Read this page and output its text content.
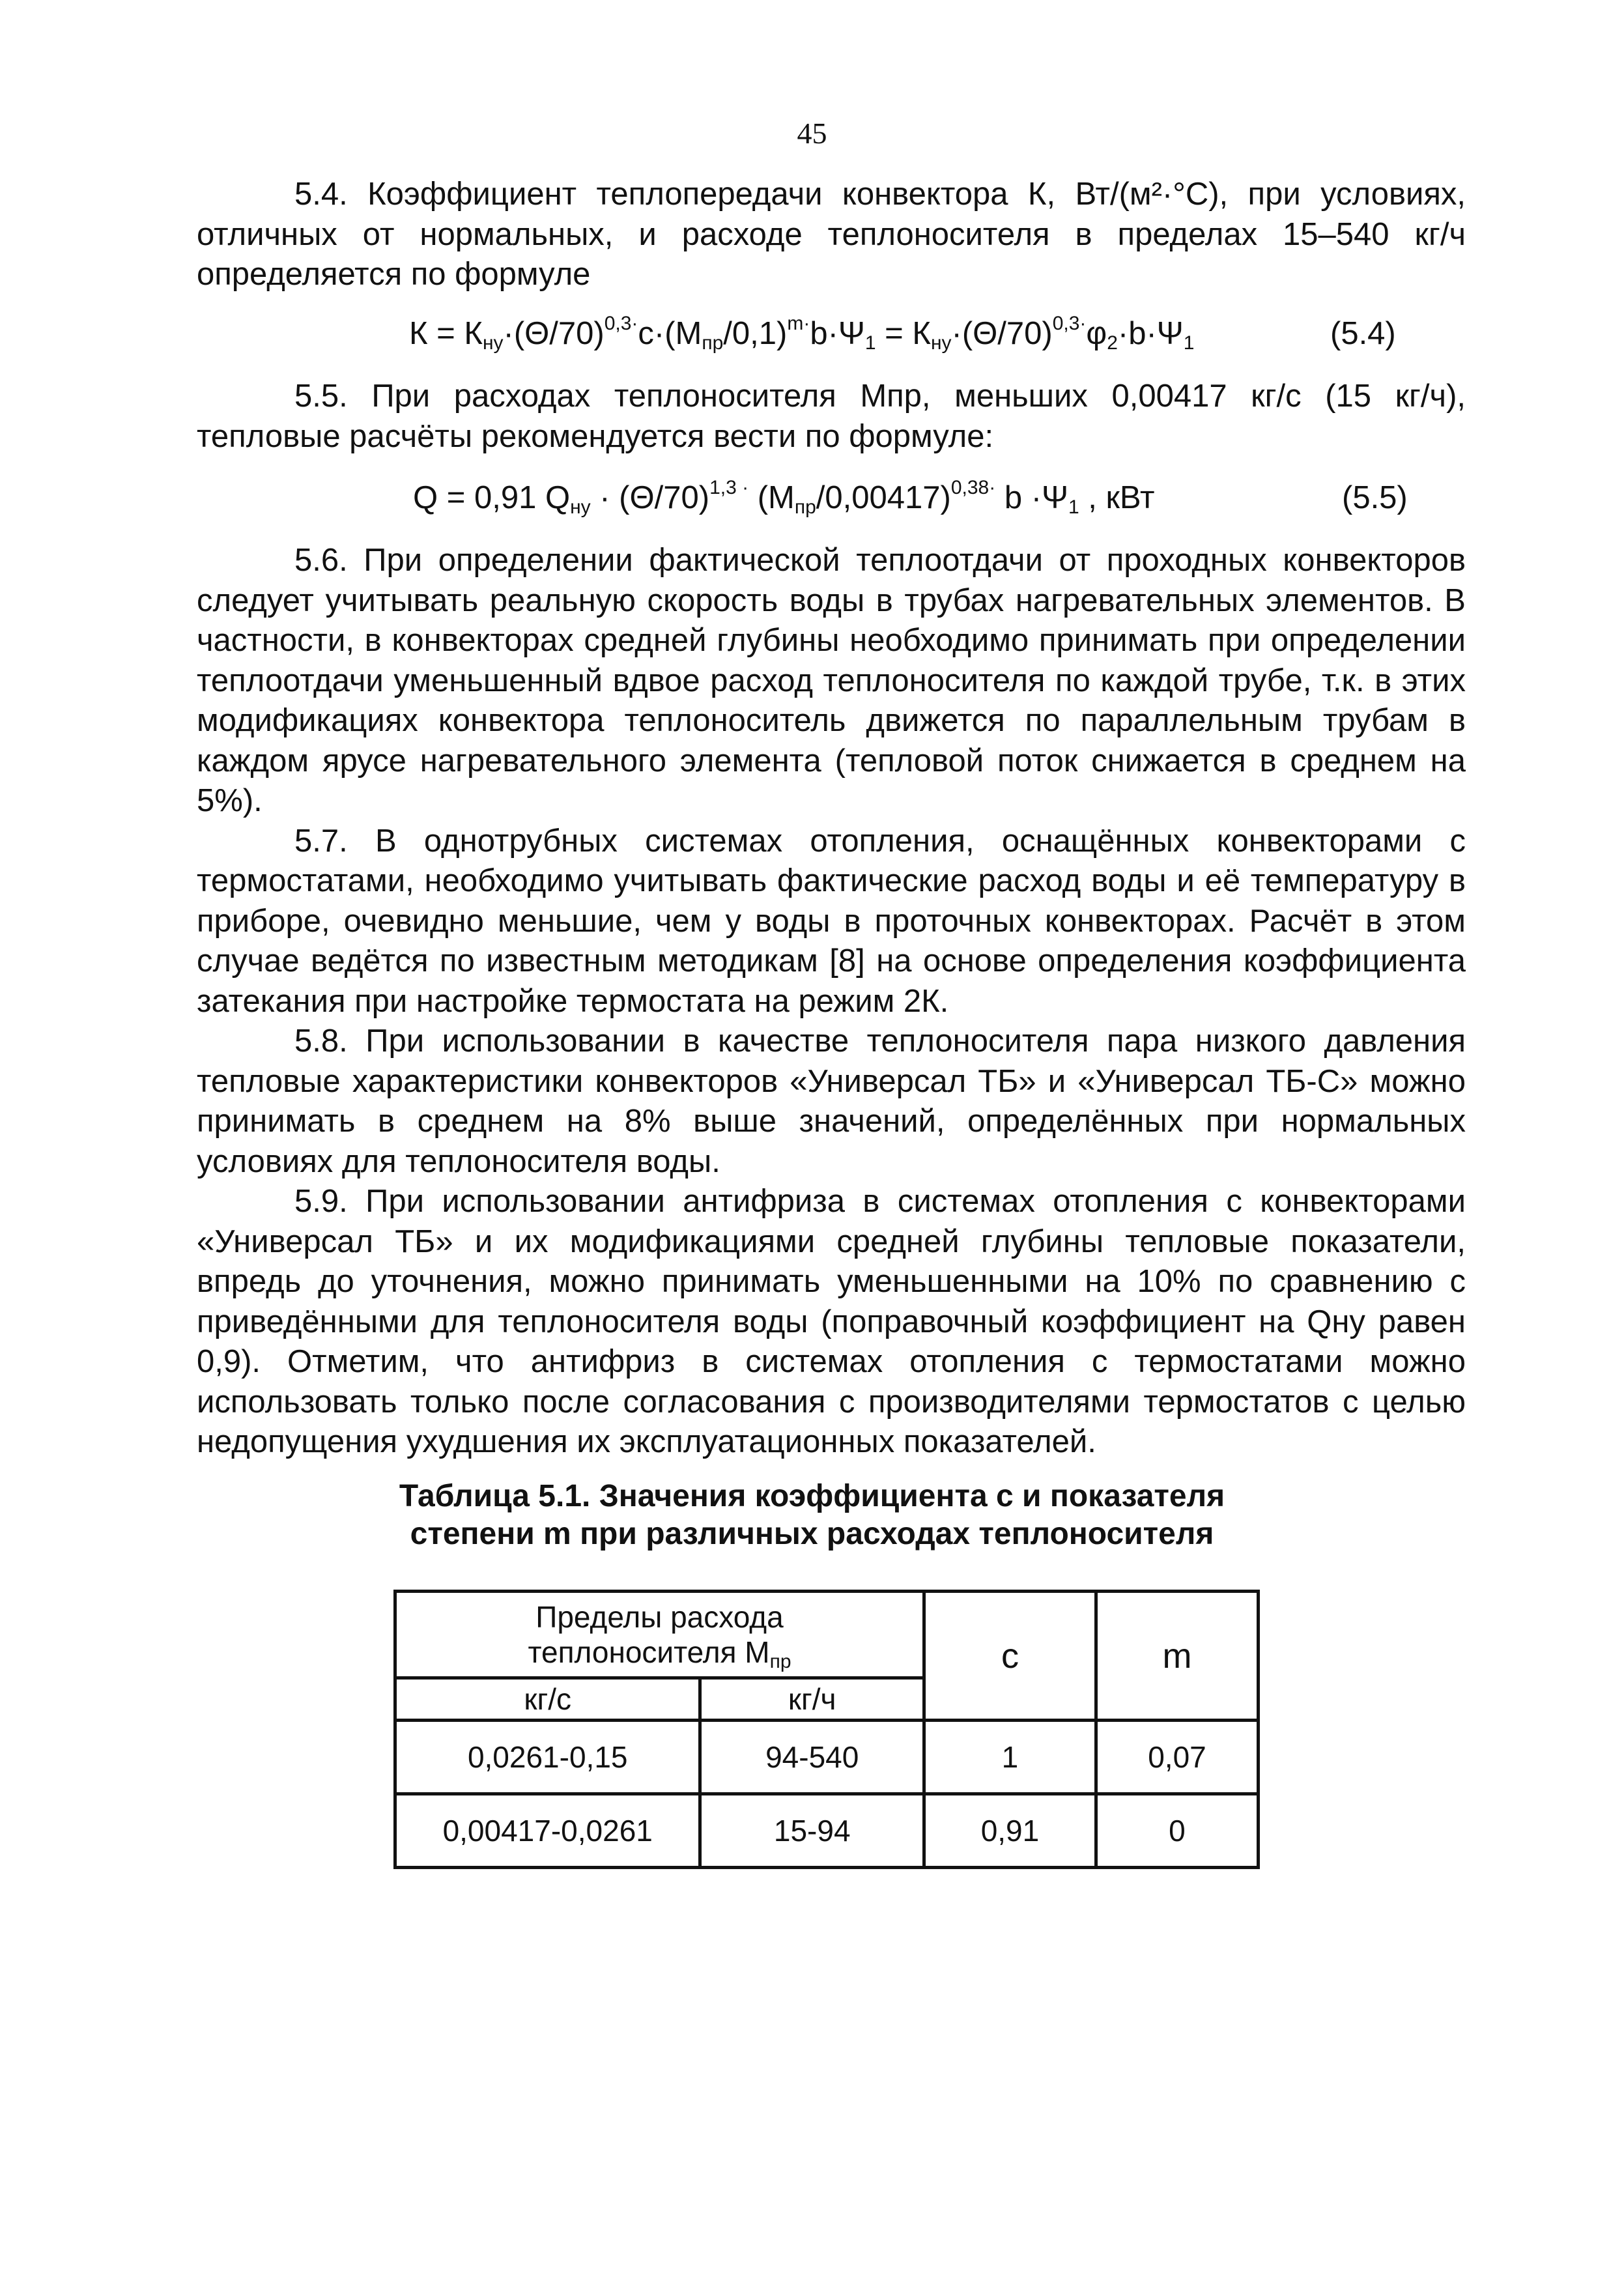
45

5.4. Коэффициент теплопередачи конвектора К, Вт/(м²·°С), при условиях, отличных от нормальных, и расходе теплоносителя в пределах 15–540 кг/ч определяется по формуле

$К = К_{ну}\cdot(\Theta/70)^{0,3\cdot}с\cdot(М_{пр}/0,1)^{m\cdot}b\cdot\Psi_1 = К_{ну}\cdot(\Theta/70)^{0,3\cdot}\varphi_2\cdot b\cdot\Psi_1$	(5.4)

5.5. При расходах теплоносителя Мпр, меньших 0,00417 кг/с (15 кг/ч), тепловые расчёты рекомендуется вести по формуле:

Q = 0,91 $Q_{ну} \cdot (\Theta/70)^{1,3 \cdot}$ $(М_{пр}/0,00417)^{0,38\cdot}$ $b \cdot\Psi_1$ , кВт	(5.5)

5.6. При определении фактической теплоотдачи от проходных конвекторов следует учитывать реальную скорость воды в трубах нагревательных элементов. В частности, в конвекторах средней глубины необходимо принимать при определении теплоотдачи уменьшенный вдвое расход теплоносителя по каждой трубе, т.к. в этих модификациях конвектора теплоноситель движется по параллельным трубам в каждом ярусе нагревательного элемента (тепловой поток снижается в среднем на 5%).

5.7. В однотрубных системах отопления, оснащённых конвекторами с термостатами, необходимо учитывать фактические расход воды и её температуру в приборе, очевидно меньшие, чем у воды в проточных конвекторах. Расчёт в этом случае ведётся по известным методикам [8] на основе определения коэффициента затекания при настройке термостата на режим 2К.

5.8. При использовании в качестве теплоносителя пара низкого давления тепловые характеристики конвекторов «Универсал ТБ» и «Универсал ТБ-С» можно принимать в среднем на 8% выше значений, определённых при нормальных условиях для теплоносителя воды.

5.9. При использовании антифриза в системах отопления с конвекторами «Универсал ТБ» и их модификациями средней глубины тепловые показатели, впредь до уточнения, можно принимать уменьшенными на 10% по сравнению с приведёнными для теплоносителя воды (поправочный коэффициент на Qну равен 0,9). Отметим, что антифриз в системах отопления с термостатами можно использовать только после согласования с производителями термостатов с целью недопущения ухудшения их эксплуатационных показателей.

Таблица 5.1. Значения коэффициента с и показателя
степени m при различных расходах теплоносителя
Пределы расхода
теплоносителя $М_{пр}$		с	m
кг/с	кг/ч		
0,0261-0,15	94-540	1	0,07
0,00417-0,0261	15-94	0,91	0
